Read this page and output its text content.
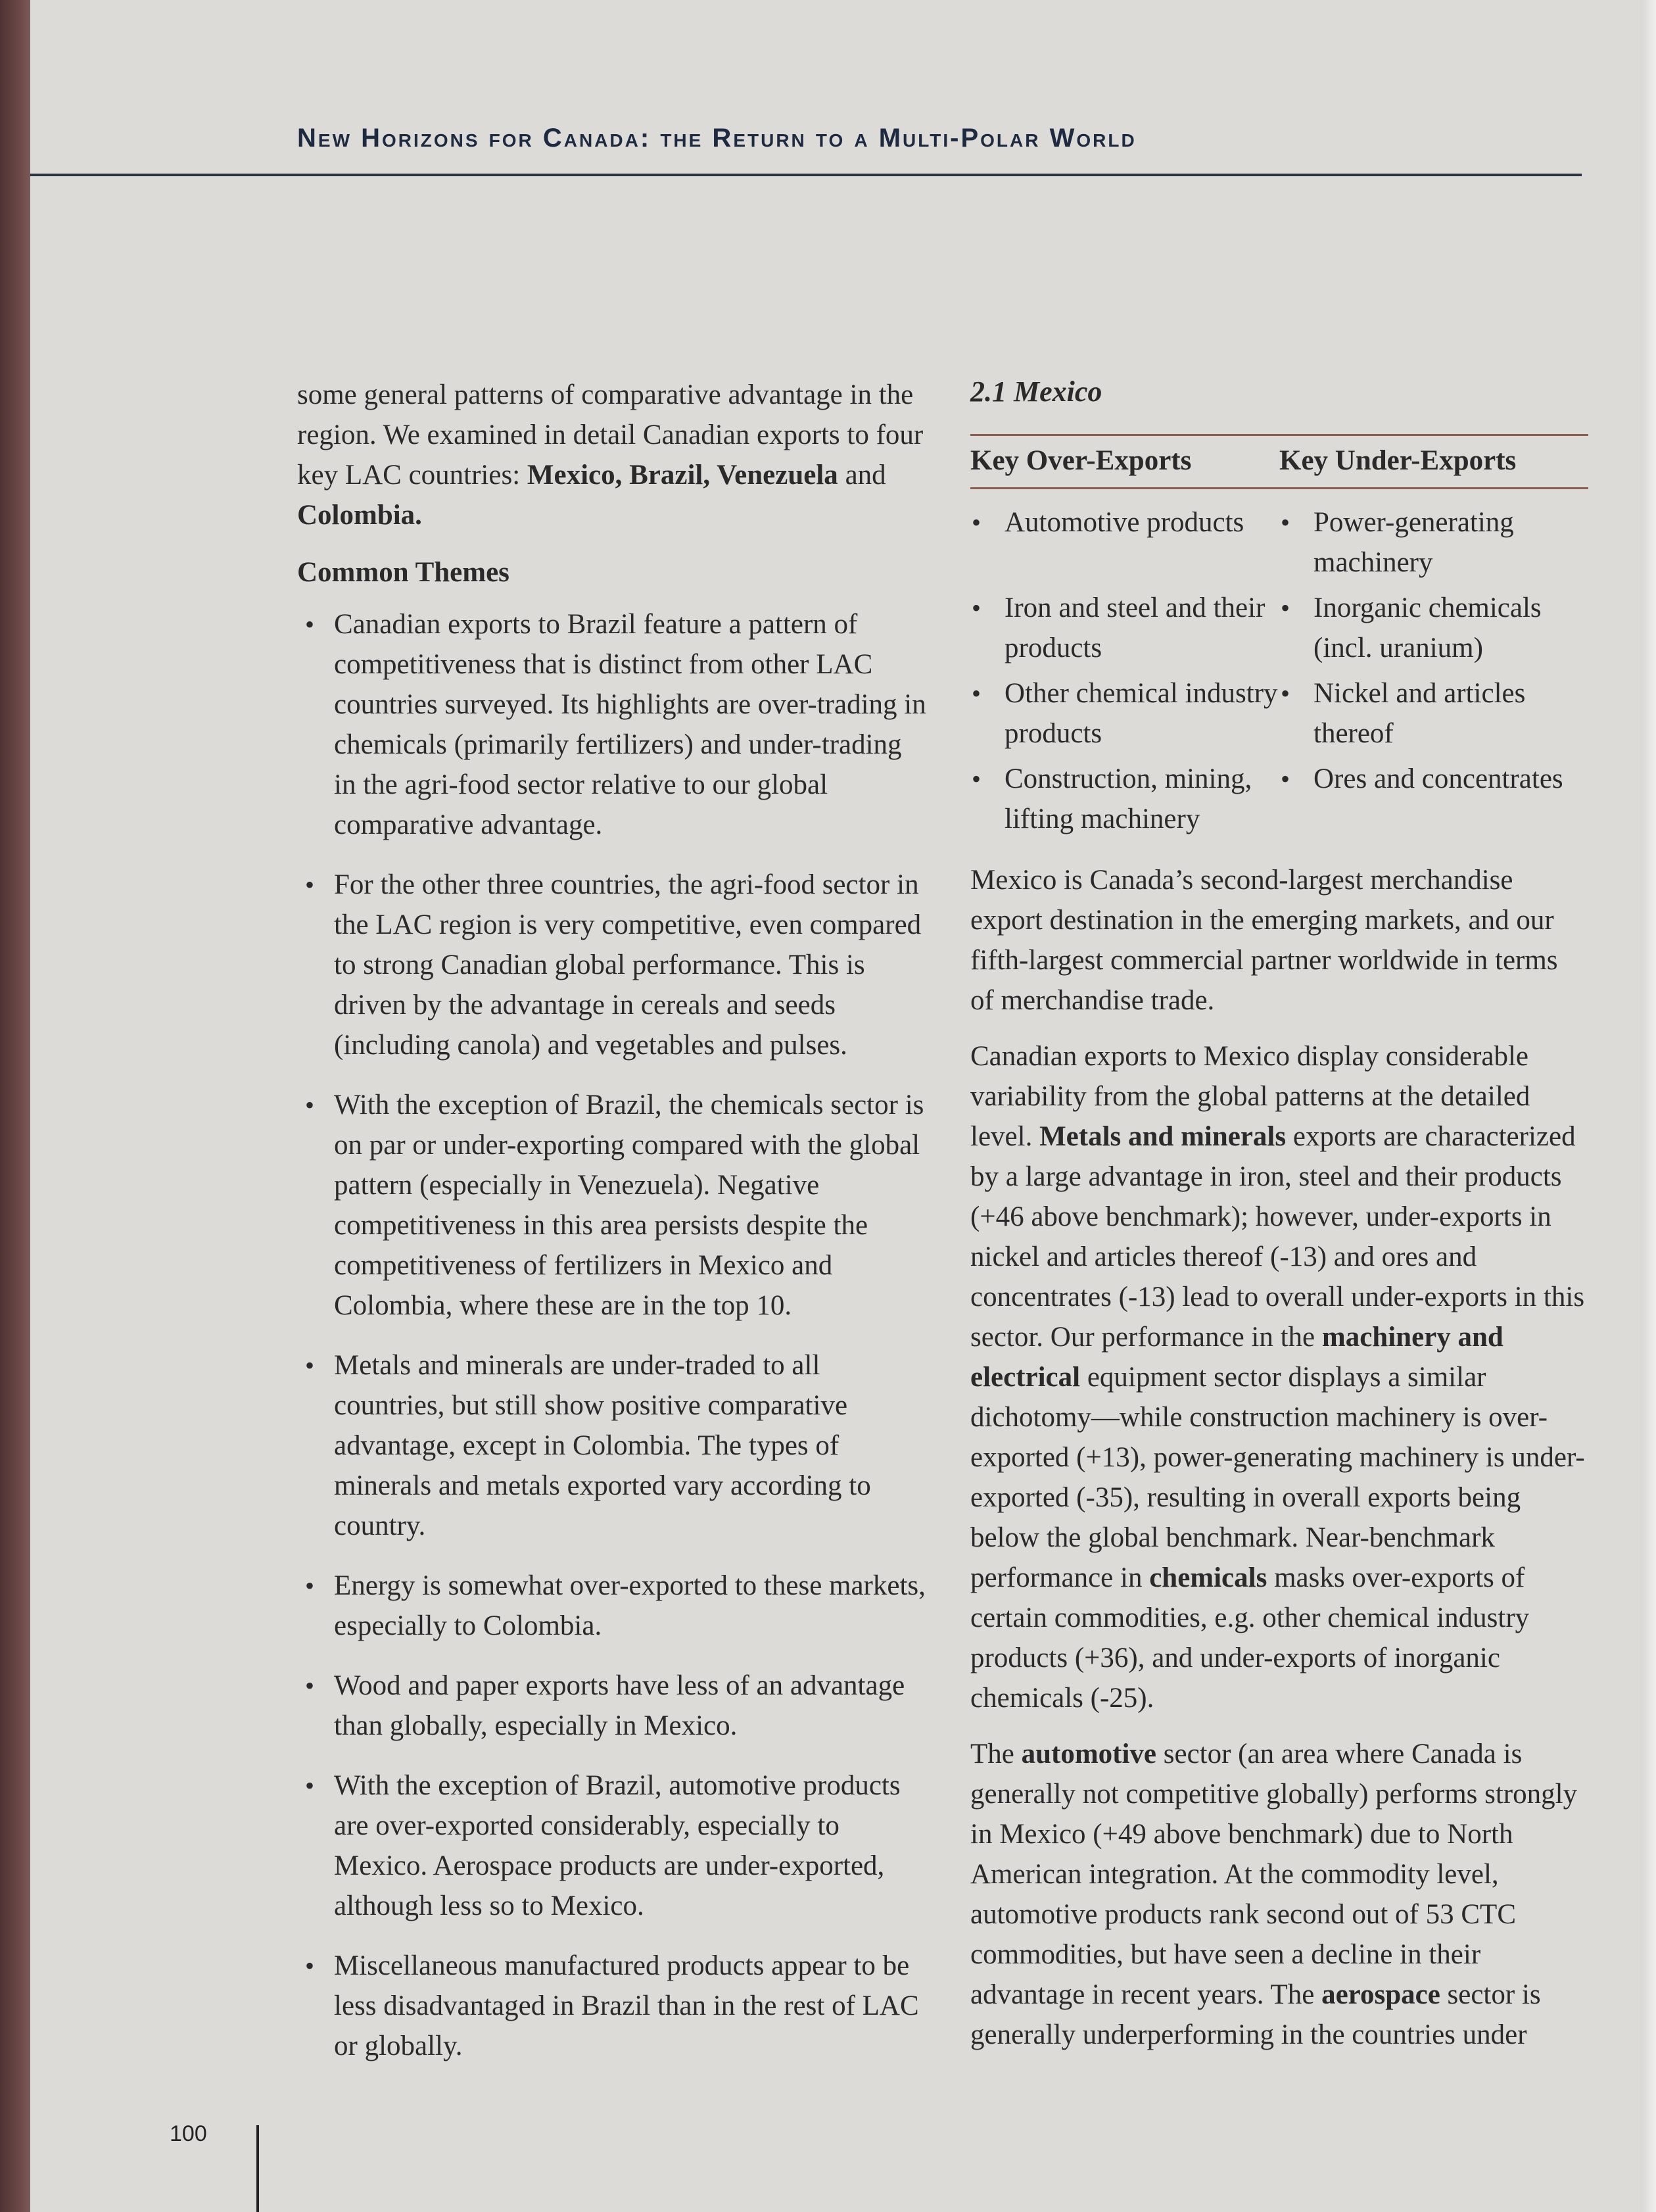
New Horizons for Canada: the Return to a Multi-Polar World

some general patterns of comparative advantage in the region. We examined in detail Canadian exports to four key LAC countries: Mexico, Brazil, Venezuela and Colombia.

Common Themes

• Canadian exports to Brazil feature a pattern of competitiveness that is distinct from other LAC countries surveyed. Its highlights are over-trading in chemicals (primarily fertilizers) and under-trading in the agri-food sector relative to our global comparative advantage.
• For the other three countries, the agri-food sector in the LAC region is very competitive, even compared to strong Canadian global performance. This is driven by the advantage in cereals and seeds (including canola) and vegetables and pulses.
• With the exception of Brazil, the chemicals sector is on par or under-exporting compared with the global pattern (especially in Venezuela). Negative competitiveness in this area persists despite the competitiveness of fertilizers in Mexico and Colombia, where these are in the top 10.
• Metals and minerals are under-traded to all countries, but still show positive comparative advantage, except in Colombia. The types of minerals and metals exported vary according to country.
• Energy is somewhat over-exported to these markets, especially to Colombia.
• Wood and paper exports have less of an advantage than globally, especially in Mexico.
• With the exception of Brazil, automotive products are over-exported considerably, especially to Mexico. Aerospace products are under-exported, although less so to Mexico.
• Miscellaneous manufactured products appear to be less disadvantaged in Brazil than in the rest of LAC or globally.

2.1 Mexico

Key Over-Exports	Key Under-Exports
• Automotive products
• Iron and steel and their products
• Other chemical industry products
• Construction, mining, lifting machinery
• Power-generating machinery
• Inorganic chemicals (incl. uranium)
• Nickel and articles thereof
• Ores and concentrates

Mexico is Canada’s second-largest merchandise export destination in the emerging markets, and our fifth-largest commercial partner worldwide in terms of merchandise trade.

Canadian exports to Mexico display considerable variability from the global patterns at the detailed level. Metals and minerals exports are characterized by a large advantage in iron, steel and their products (+46 above benchmark); however, under-exports in nickel and articles thereof (-13) and ores and concentrates (-13) lead to overall under-exports in this sector. Our performance in the machinery and electrical equipment sector displays a similar dichotomy—while construction machinery is over-exported (+13), power-generating machinery is under-exported (-35), resulting in overall exports being below the global benchmark. Near-benchmark performance in chemicals masks over-exports of certain commodities, e.g. other chemical industry products (+36), and under-exports of inorganic chemicals (-25).

The automotive sector (an area where Canada is generally not competitive globally) performs strongly in Mexico (+49 above benchmark) due to North American integration. At the commodity level, automotive products rank second out of 53 CTC commodities, but have seen a decline in their advantage in recent years. The aerospace sector is generally underperforming in the countries under

100
